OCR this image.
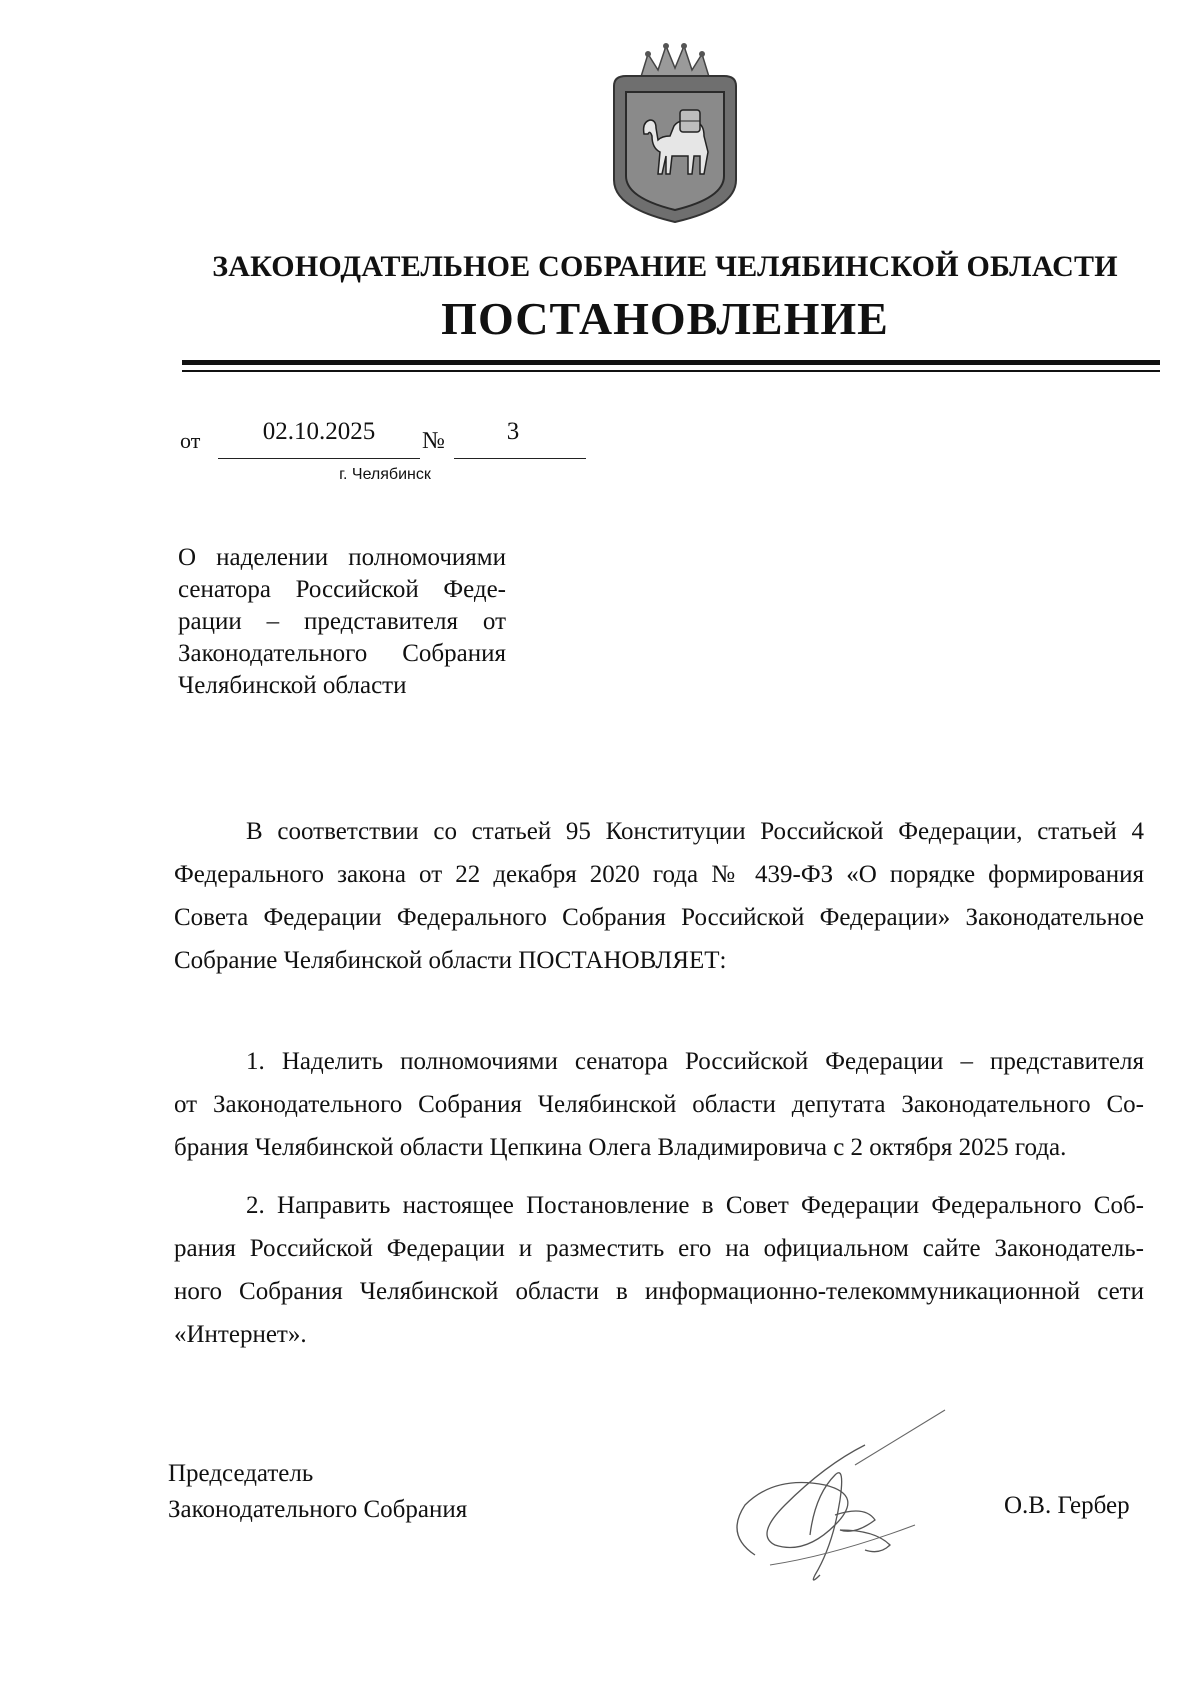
ЗАКОНОДАТЕЛЬНОЕ СОБРАНИЕ ЧЕЛЯБИНСКОЙ ОБЛАСТИ
ПОСТАНОВЛЕНИЕ
от	02.10.2025	№	3
г. Челябинск
О наделении полномочиями
сенатора Российской Феде-
рации – представителя от
Законодательного Собрания
Челябинской области
В соответствии со статьей 95 Конституции Российской Федерации, статьей 4
Федерального закона от 22 декабря 2020 года № 439-ФЗ «О порядке формирования
Совета Федерации Федерального Собрания Российской Федерации» Законодательное
Собрание Челябинской области ПОСТАНОВЛЯЕТ:
1. Наделить полномочиями сенатора Российской Федерации – представителя
от Законодательного Собрания Челябинской области депутата Законодательного Со-
брания Челябинской области Цепкина Олега Владимировича с 2 октября 2025 года.
2. Направить настоящее Постановление в Совет Федерации Федерального Соб-
рания Российской Федерации и разместить его на официальном сайте Законодатель-
ного Собрания Челябинской области в информационно-телекоммуникационной сети
«Интернет».
Председатель
Законодательного Собрания	О.В. Гербер
